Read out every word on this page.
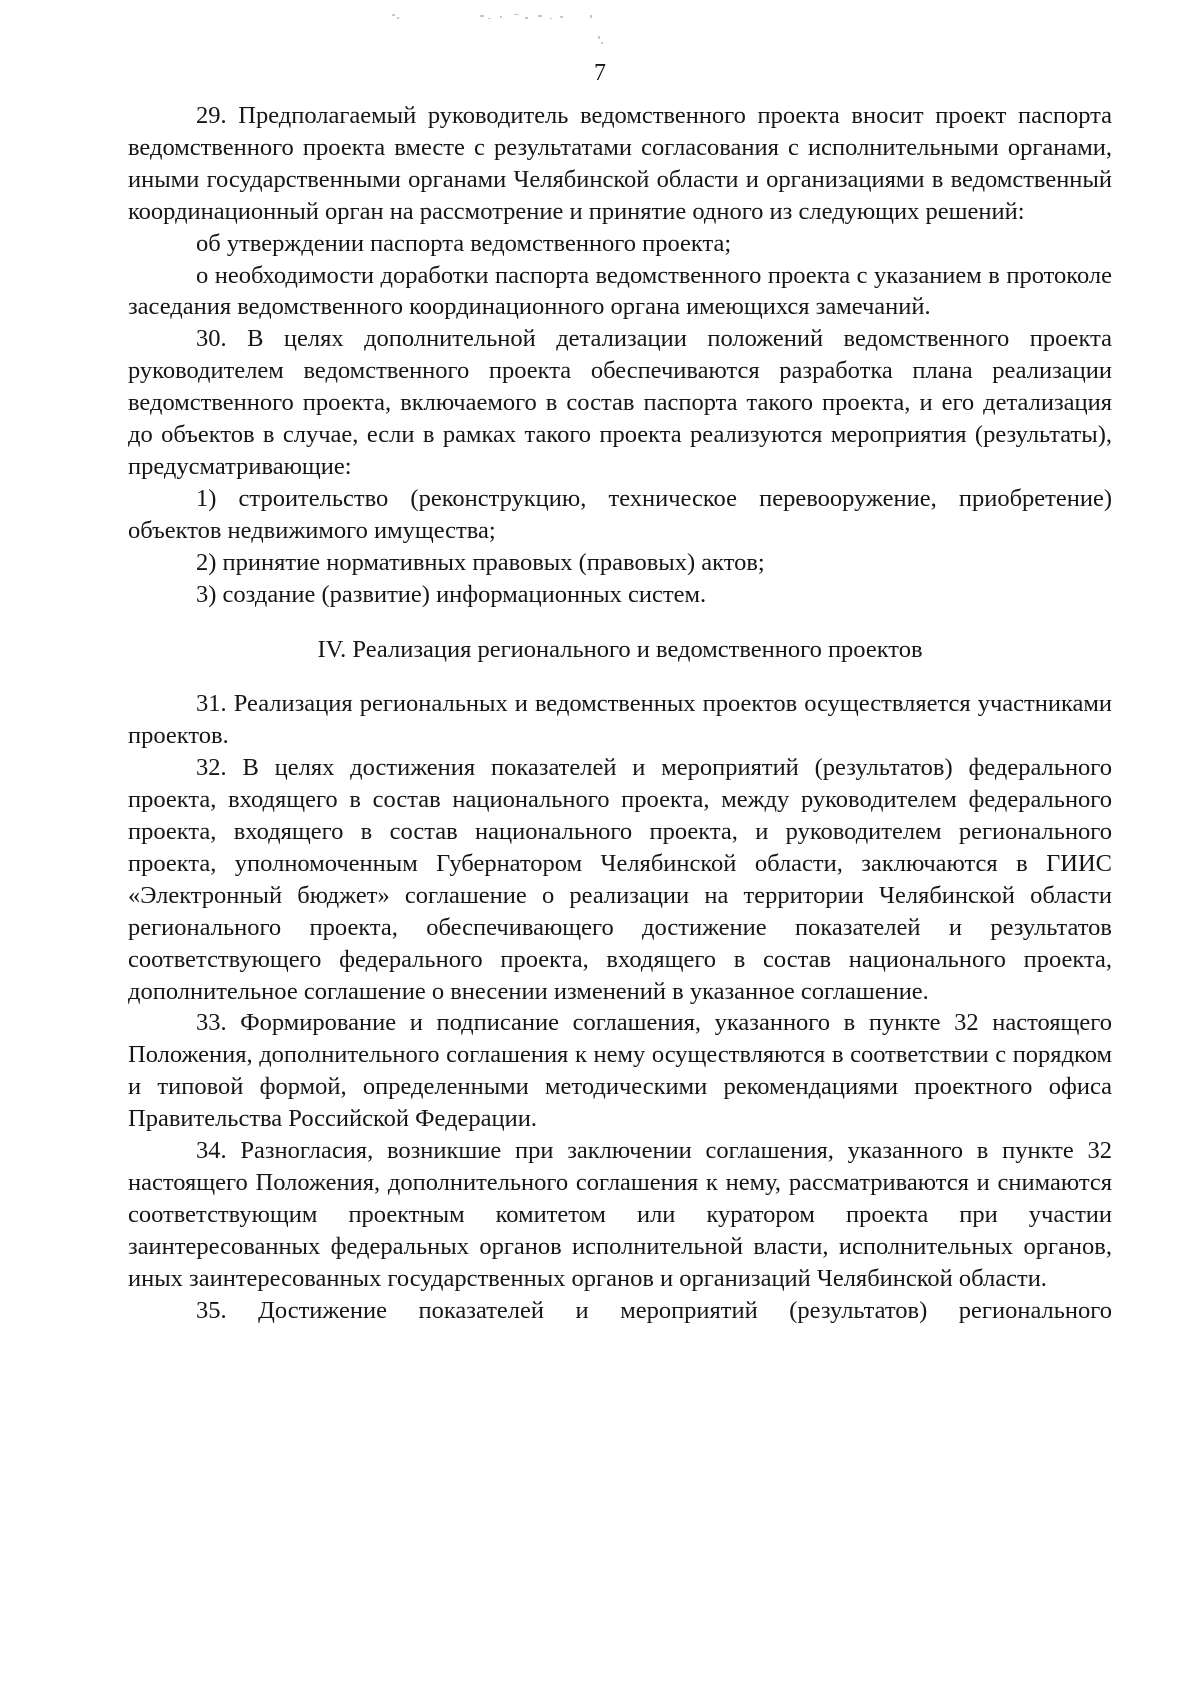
7

29. Предполагаемый руководитель ведомственного проекта вносит проект паспорта ведомственного проекта вместе с результатами согласования с исполнительными органами, иными государственными органами Челябинской области и организациями в ведомственный координационный орган на рассмотрение и принятие одного из следующих решений:

об утверждении паспорта ведомственного проекта;

о необходимости доработки паспорта ведомственного проекта с указанием в протоколе заседания ведомственного координационного органа имеющихся замечаний.

30. В целях дополнительной детализации положений ведомственного проекта руководителем ведомственного проекта обеспечиваются разработка плана реализации ведомственного проекта, включаемого в состав паспорта такого проекта, и его детализация до объектов в случае, если в рамках такого проекта реализуются мероприятия (результаты), предусматривающие:

1) строительство (реконструкцию, техническое перевооружение, приобретение) объектов недвижимого имущества;

2) принятие нормативных правовых (правовых) актов;

3) создание (развитие) информационных систем.

IV. Реализация регионального и ведомственного проектов

31. Реализация региональных и ведомственных проектов осуществляется участниками проектов.

32. В целях достижения показателей и мероприятий (результатов) федерального проекта, входящего в состав национального проекта, между руководителем федерального проекта, входящего в состав национального проекта, и руководителем регионального проекта, уполномоченным Губернатором Челябинской области, заключаются в ГИИС «Электронный бюджет» соглашение о реализации на территории Челябинской области регионального проекта, обеспечивающего достижение показателей и результатов соответствующего федерального проекта, входящего в состав национального проекта, дополнительное соглашение о внесении изменений в указанное соглашение.

33. Формирование и подписание соглашения, указанного в пункте 32 настоящего Положения, дополнительного соглашения к нему осуществляются в соответствии с порядком и типовой формой, определенными методическими рекомендациями проектного офиса Правительства Российской Федерации.

34. Разногласия, возникшие при заключении соглашения, указанного в пункте 32 настоящего Положения, дополнительного соглашения к нему, рассматриваются и снимаются соответствующим проектным комитетом или куратором проекта при участии заинтересованных федеральных органов исполнительной власти, исполнительных органов, иных заинтересованных государственных органов и организаций Челябинской области.

35. Достижение показателей и мероприятий (результатов) регионального
